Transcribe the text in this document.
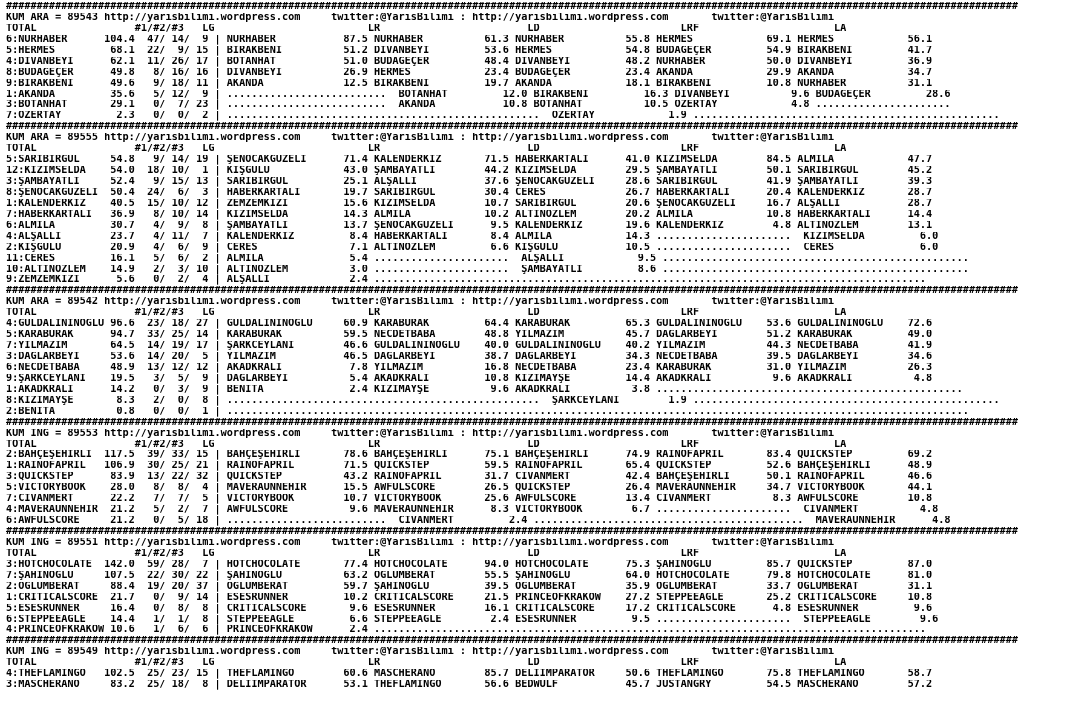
#####################################################################################################################################################################
KUM ARA = 89543 http://yarisbilimi.wordpress.com     twitter:@YarisBilimi : http://yarisbilimi.wordpress.com       twitter:@YarisBilimi
TOTAL                #1/#2/#3   LG                         LR                        LD                       LRF                      LA
6:NURHABER      104.4  47/ 14/  9 | NURHABER           87.5 NURHABER          61.3 NURHABER          55.8 HERMES            69.1 HERMES            56.1
5:HERMES         68.1  22/  9/ 15 | BIRAKBENİ          51.2 DİVANBEYİ         53.6 HERMES            54.8 BUDAGEÇER         54.9 BIRAKBENİ         41.7
4:DİVANBEYİ      62.1  11/ 26/ 17 | BOTANHAT           51.0 BUDAGEÇER         48.4 DİVANBEYİ         48.2 NURHABER          50.0 DİVANBEYİ         36.9
8:BUDAGEÇER      49.8   8/ 16/ 16 | DİVANBEYİ          26.9 HERMES            23.4 BUDAGEÇER         23.4 AKANDA            29.9 AKANDA            34.7
9:BIRAKBENİ      49.6   9/ 18/ 11 | AKANDA             12.5 BIRAKBENİ         19.7 AKANDA            18.1 BIRAKBENİ         10.8 NURHABER          31.1
1:AKANDA         35.6   5/ 12/  9 | ..........................  BOTANHAT         12.0 BIRAKBENİ         16.3 DİVANBEYİ          9.6 BUDAGEÇER         28.6
3:BOTANHAT       29.1   0/  7/ 23 | ..........................  AKANDA           10.8 BOTANHAT          10.5 ÖZERTAY            4.8 ......................
7:ÖZERTAY         2.3   0/  0/  2 | ...................................................  ÖZERTAY            1.9 ..................................................
#####################################################################################################################################################################
KUM ARA = 89555 http://yarisbilimi.wordpress.com     twitter:@YarisBilimi : http://yarisbilimi.wordpress.com       twitter:@YarisBilimi
TOTAL                #1/#2/#3   LG                         LR                        LD                       LRF                      LA
5:SARIBİRGÜL     54.8   9/ 14/ 19 | ŞENOCAKGÜZELİ      71.4 KALENDERKIZ       71.5 HABERKARTALI      41.0 KIZIMSELDA        84.5 ALMİLA            47.7
12:KIZIMSELDA    54.0  18/ 10/  1 | KIŞGÜLÜ            43.0 ŞAMBAYATLI        44.2 KIZIMSELDA        29.5 ŞAMBAYATLI        50.1 SARIBİRGÜL        45.2
3:ŞAMBAYATLI     52.4   9/ 15/ 13 | SARIBİRGÜL         25.1 ALŞALLI           37.6 ŞENOCAKGÜZELİ     28.6 SARIBİRGÜL        41.9 ŞAMBAYATLI        39.3
8:ŞENOCAKGÜZELİ  50.4  24/  6/  3 | HABERKARTALI       19.7 SARIBİRGÜL        30.4 CERES             26.7 HABERKARTALI      20.4 KALENDERKIZ       28.7
1:KALENDERKIZ    40.5  15/ 10/ 12 | ZEMZEMKIZI         15.6 KIZIMSELDA        10.7 SARIBİRGÜL        20.6 ŞENOCAKGÜZELİ     16.7 ALŞALLI           28.7
7:HABERKARTALI   36.9   8/ 10/ 14 | KIZIMSELDA         14.3 ALMİLA            10.2 ALTINÖZLEM        20.2 ALMİLA            10.8 HABERKARTALI      14.4
6:ALMİLA         30.7   4/  9/  8 | ŞAMBAYATLI         13.7 ŞENOCAKGÜZELİ      9.5 KALENDERKIZ       19.6 KALENDERKIZ        4.8 ALTINÖZLEM        13.1
4:ALŞALLI        23.7   4/ 11/  7 | KALENDERKIZ         8.4 HABERKARTALI       8.4 ALMİLA            14.3 ......................  KIZIMSELDA         6.0
2:KIŞGÜLÜ        20.9   4/  6/  9 | CERES               7.1 ALTINÖZLEM         6.6 KIŞGÜLÜ           10.5 ......................  CERES              6.0
11:CERES         16.1   5/  6/  2 | ALMİLA              5.4 ......................  ALŞALLI            9.5 ..................................................
10:ALTINÖZLEM    14.9   2/  3/ 10 | ALTINÖZLEM          3.0 ......................  ŞAMBAYATLI         8.6 ..................................................
9:ZEMZEMKIZI      5.6   0/  2/  4 | ALŞALLI             2.4 ..........................................................................................
#####################################################################################################################################################################
KUM ARA = 89542 http://yarisbilimi.wordpress.com     twitter:@YarisBilimi : http://yarisbilimi.wordpress.com       twitter:@YarisBilimi
TOTAL                #1/#2/#3   LG                         LR                        LD                       LRF                      LA
4:GÜLDALININOĞLU 96.6  23/ 18/ 27 | GÜLDALININOĞLU     60.9 KARABURAK         64.4 KARABURAK         65.3 GÜLDALININOĞLU    53.6 GÜLDALININOĞLU    72.6
5:KARABURAK      94.7  33/ 25/ 14 | KARABURAK          59.5 NECDETBABA        48.8 YILMAZIM          45.7 DAĞLARBEYİ        51.2 KARABURAK         49.0
7:YILMAZIM       64.5  14/ 19/ 17 | ŞARKCEYLANI        46.6 GÜLDALININOĞLU    40.0 GÜLDALININOĞLU    40.2 YILMAZIM          44.3 NECDETBABA        41.9
3:DAĞLARBEYİ     53.6  14/ 20/  5 | YILMAZIM           46.5 DAĞLARBEYİ        38.7 DAĞLARBEYİ        34.3 NECDETBABA        39.5 DAĞLARBEYİ        34.6
6:NECDETBABA     48.9  13/ 12/ 12 | AKADKRALI           7.8 YILMAZIM          16.8 NECDETBABA        23.4 KARABURAK         31.0 YILMAZIM          26.3
9:ŞARKCEYLANI    19.5   3/  5/  9 | DAĞLARBEYİ          5.4 AKADKRALI         10.8 KIZIMAYŞE         14.4 AKADKRALI          9.6 AKADKRALI          4.8
1:AKADKRALI      14.2   0/  3/  9 | BENİTA              2.4 KIZIMAYŞE          9.6 AKADKRALI          3.8 ..................................................
8:KIZIMAYŞE       8.3   2/  0/  8 | ...................................................  ŞARKCEYLANI        1.9 ..................................................
2:BENİTA          0.8   0/  0/  1 | .........................................................................................................................
#####################################################################################################################################################################
KUM ING = 89553 http://yarisbilimi.wordpress.com     twitter:@YarisBilimi : http://yarisbilimi.wordpress.com       twitter:@YarisBilimi
TOTAL                #1/#2/#3   LG                         LR                        LD                       LRF                      LA
2:BAHÇEŞEHİRLİ  117.5  39/ 33/ 15 | BAHÇEŞEHİRLİ       78.6 BAHÇEŞEHİRLİ      75.1 BAHÇEŞEHİRLİ      74.9 RAINOFAPRIL       83.4 QUICKSTEP         69.2
1:RAINOFAPRIL   106.9  30/ 25/ 21 | RAINOFAPRIL        71.5 QUICKSTEP         59.5 RAINOFAPRIL       65.4 QUICKSTEP         52.6 BAHÇEŞEHİRLİ      48.9
3:QUICKSTEP      83.9  13/ 22/ 32 | QUICKSTEP          43.2 RAINOFAPRIL       31.7 CIVANMERT         42.4 BAHÇEŞEHİRLİ      50.1 RAINOFAPRIL       46.6
5:VICTORYBOOK    28.0   8/  8/  4 | MAVERAÜNNEHİR      15.5 AWFULSCORE        26.5 QUICKSTEP         26.4 MAVERAÜNNEHİR     34.7 VICTORYBOOK       44.1
7:CIVANMERT      22.2   7/  7/  5 | VICTORYBOOK        10.7 VICTORYBOOK       25.6 AWFULSCORE        13.4 CIVANMERT          8.3 AWFULSCORE        10.8
4:MAVERAÜNNEHİR  21.2   5/  2/  7 | AWFULSCORE          9.6 MAVERAÜNNEHİR      8.3 VICTORYBOOK        6.7 ......................  CIVANMERT          4.8
6:AWFULSCORE     21.2   0/  5/ 18 | ..........................  CIVANMERT         2.4 ............................................  MAVERAÜNNEHİR      4.8
#####################################################################################################################################################################
KUM ING = 89551 http://yarisbilimi.wordpress.com     twitter:@YarisBilimi : http://yarisbilimi.wordpress.com       twitter:@YarisBilimi
TOTAL                #1/#2/#3   LG                         LR                        LD                       LRF                      LA
3:HOTCHOCOLATE  142.0  59/ 28/  7 | HOTCHOCOLATE       77.4 HOTCHOCOLATE      94.0 HOTCHOCOLATE      75.3 ŞAHİNOĞLU         85.7 QUICKSTEP         87.0
7:ŞAHİNOĞLU     107.5  22/ 30/ 22 | ŞAHİNOĞLU          63.2 OĞLUMBERAT        55.5 ŞAHİNOĞLU         64.0 HOTCHOCOLATE      79.8 HOTCHOCOLATE      81.0
2:OĞLUMBERAT     88.4  19/ 20/ 37 | OĞLUMBERAT         59.7 ŞAHİNOĞLU         39.5 OĞLUMBERAT        35.9 OĞLUMBERAT        33.7 OĞLUMBERAT        31.1
1:CRITICALSCORE  21.7   0/  9/ 14 | ESESRUNNER         10.2 CRITICALSCORE     21.5 PRINCEOFKRAKOW    27.2 STEPPEEAGLE       25.2 CRITICALSCORE     10.8
5:ESESRUNNER     16.4   0/  8/  8 | CRITICALSCORE       9.6 ESESRUNNER        16.1 CRITICALSCORE     17.2 CRITICALSCORE      4.8 ESESRUNNER         9.6
6:STEPPEEAGLE    14.4   1/  1/  8 | STEPPEEAGLE         6.6 STEPPEEAGLE        2.4 ESESRUNNER         9.5 ......................  STEPPEEAGLE        9.6
4:PRINCEOFKRAKOW 10.6   1/  6/  6 | PRINCEOFKRAKOW      2.4 ..........................................................................................
#####################################################################################################################################################################
KUM ING = 89549 http://yarisbilimi.wordpress.com     twitter:@YarisBilimi : http://yarisbilimi.wordpress.com       twitter:@YarisBilimi
TOTAL                #1/#2/#3   LG                         LR                        LD                       LRF                      LA
4:THEFLAMINGO   102.5  25/ 23/ 15 | THEFLAMINGO        60.6 MASCHERANO        85.7 DELİİMPARATOR     50.6 THEFLAMINGO       75.8 THEFLAMINGO       58.7
3:MASCHERANO     83.2  25/ 18/  8 | DELİİMPARATOR      53.1 THEFLAMINGO       56.6 BEDWULF           45.7 JUSTANGRY         54.5 MASCHERANO        57.2
